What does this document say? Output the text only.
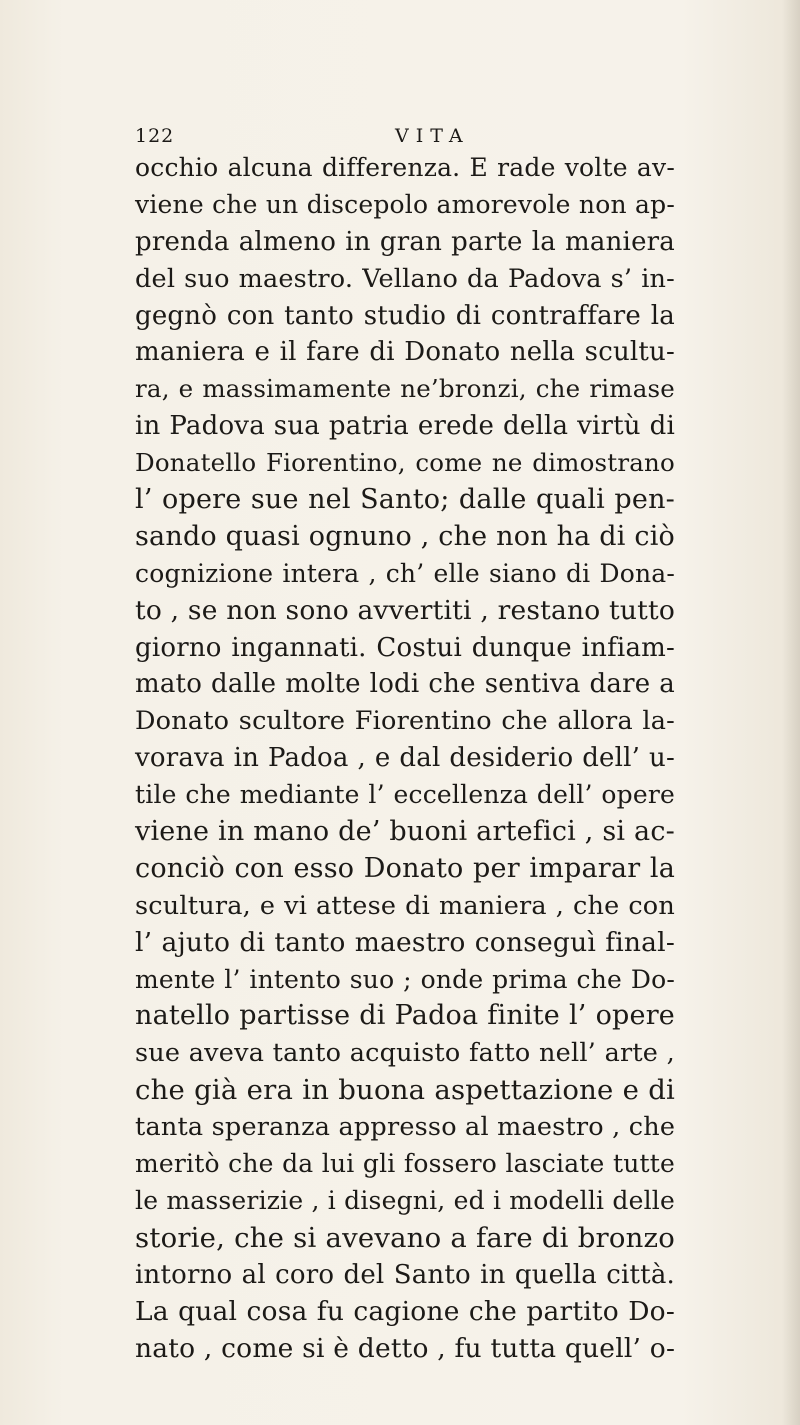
122	VITA
occhio alcuna differenza. E rade volte av-
viene che un discepolo amorevole non ap-
prenda almeno in gran parte la maniera
del suo maestro. Vellano da Padova s’ in-
gegnò con tanto studio di contraffare la
maniera e il fare di Donato nella scultu-
ra, e massimamente ne’bronzi, che rimase
in Padova sua patria erede della virtù di
Donatello Fiorentino, come ne dimostrano
l’ opere sue nel Santo; dalle quali pen-
sando quasi ognuno , che non ha di ciò
cognizione intera , ch’ elle siano di Dona-
to , se non sono avvertiti , restano tutto
giorno ingannati. Costui dunque infiam-
mato dalle molte lodi che sentiva dare a
Donato scultore Fiorentino che allora la-
vorava in Padoa , e dal desiderio dell’ u-
tile che mediante l’ eccellenza dell’ opere
viene in mano de’ buoni artefici , si ac-
conciò con esso Donato per imparar la
scultura, e vi attese di maniera , che con
l’ ajuto di tanto maestro conseguì final-
mente l’ intento suo ; onde prima che Do-
natello partisse di Padoa finite l’ opere
sue aveva tanto acquisto fatto nell’ arte ,
che già era in buona aspettazione e di
tanta speranza appresso al maestro , che
meritò che da lui gli fossero lasciate tutte
le masserizie , i disegni, ed i modelli delle
storie, che si avevano a fare di bronzo
intorno al coro del Santo in quella città.
La qual cosa fu cagione che partito Do-
nato , come si è detto , fu tutta quell’ o-
